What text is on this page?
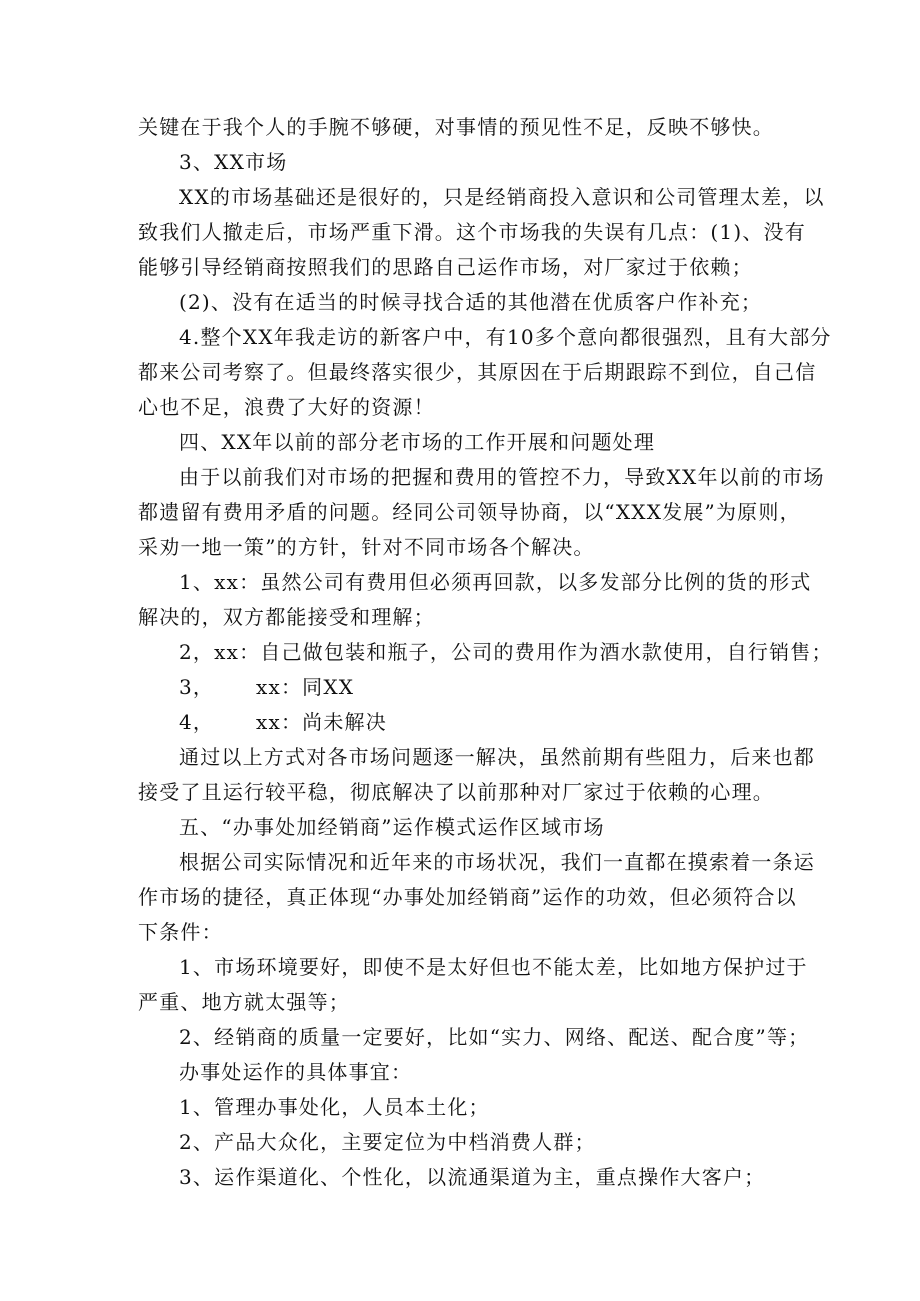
关键在于我个人的手腕不够硬，对事情的预见性不足，反映不够快。
3、XX市场
XX的市场基础还是很好的，只是经销商投入意识和公司管理太差，以
致我们人撤走后，市场严重下滑。这个市场我的失误有几点：(1)、没有
能够引导经销商按照我们的思路自己运作市场，对厂家过于依赖；
(2)、没有在适当的时候寻找合适的其他潜在优质客户作补充；
4.整个XX年我走访的新客户中，有10多个意向都很强烈，且有大部分
都来公司考察了。但最终落实很少，其原因在于后期跟踪不到位，自己信
心也不足，浪费了大好的资源！
四、XX年以前的部分老市场的工作开展和问题处理
由于以前我们对市场的把握和费用的管控不力，导致XX年以前的市场
都遗留有费用矛盾的问题。经同公司领导协商，以“XXX发展”为原则，
采劝一地一策”的方针，针对不同市场各个解决。
1、xx：虽然公司有费用但必须再回款，以多发部分比例的货的形式
解决的，双方都能接受和理解；
2，xx：自己做包装和瓶子，公司的费用作为酒水款使用，自行销售；
3， xx：同XX
4， xx：尚未解决
通过以上方式对各市场问题逐一解决，虽然前期有些阻力，后来也都
接受了且运行较平稳，彻底解决了以前那种对厂家过于依赖的心理。
五、“办事处加经销商”运作模式运作区域市场
根据公司实际情况和近年来的市场状况，我们一直都在摸索着一条运
作市场的捷径，真正体现“办事处加经销商”运作的功效，但必须符合以
下条件：
1、市场环境要好，即使不是太好但也不能太差，比如地方保护过于
严重、地方就太强等；
2、经销商的质量一定要好，比如“实力、网络、配送、配合度”等；
办事处运作的具体事宜：
1、管理办事处化，人员本土化；
2、产品大众化，主要定位为中档消费人群；
3、运作渠道化、个性化，以流通渠道为主，重点操作大客户；
